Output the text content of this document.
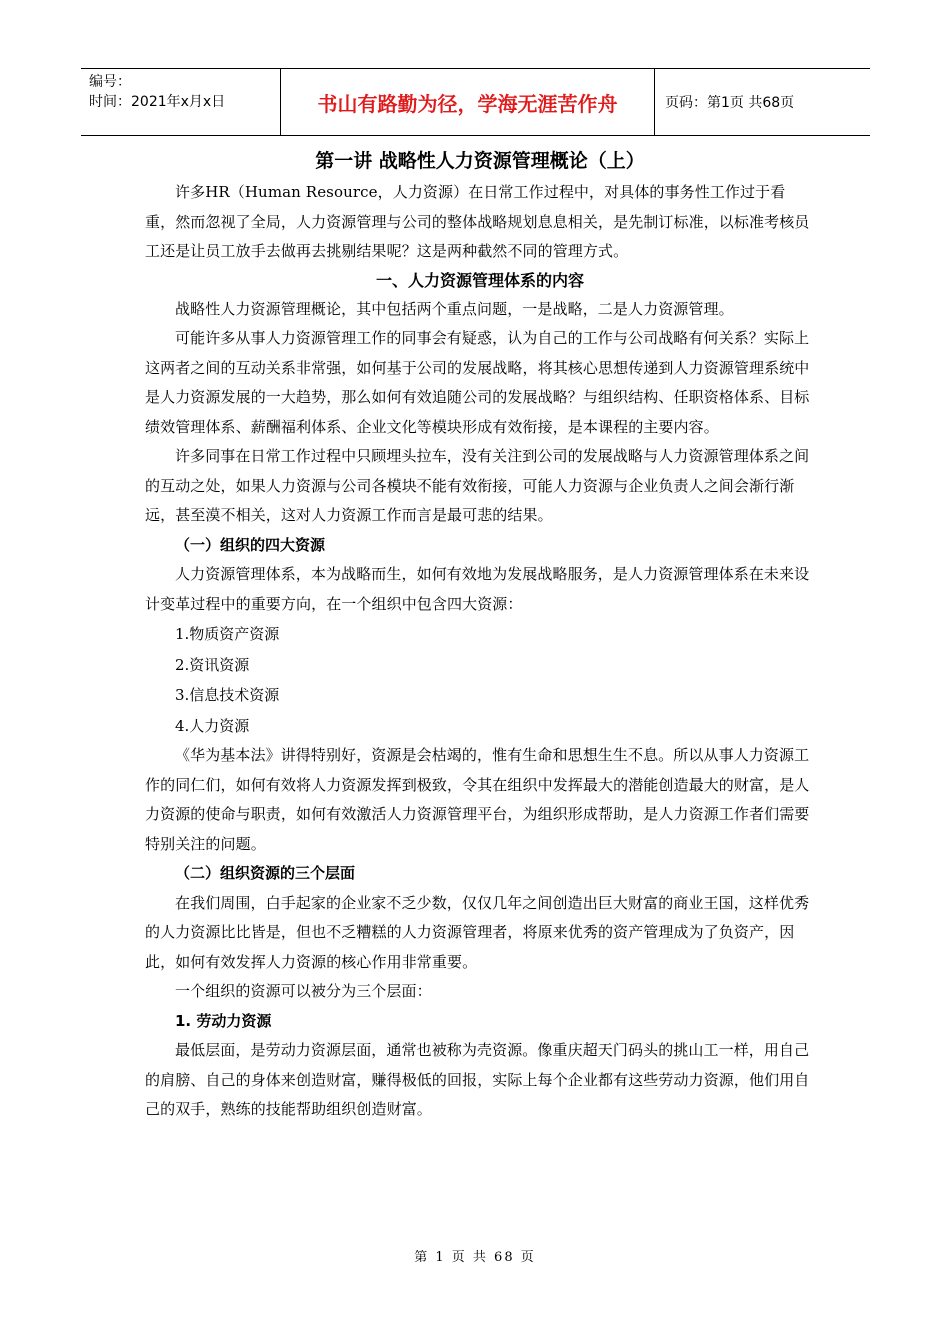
编号：
时间：2021年x月x日	书山有路勤为径，学海无涯苦作舟	页码：第1页 共68页
第一讲 战略性人力资源管理概论（上）

许多HR（Human Resource，人力资源）在日常工作过程中，对具体的事务性工作过于看重，然而忽视了全局，人力资源管理与公司的整体战略规划息息相关，是先制订标准，以标准考核员工还是让员工放手去做再去挑剔结果呢？这是两种截然不同的管理方式。

一、人力资源管理体系的内容

战略性人力资源管理概论，其中包括两个重点问题，一是战略，二是人力资源管理。

可能许多从事人力资源管理工作的同事会有疑惑，认为自己的工作与公司战略有何关系？实际上这两者之间的互动关系非常强，如何基于公司的发展战略，将其核心思想传递到人力资源管理系统中是人力资源发展的一大趋势，那么如何有效追随公司的发展战略？与组织结构、任职资格体系、目标绩效管理体系、薪酬福利体系、企业文化等模块形成有效衔接，是本课程的主要内容。

许多同事在日常工作过程中只顾埋头拉车，没有关注到公司的发展战略与人力资源管理体系之间的互动之处，如果人力资源与公司各模块不能有效衔接，可能人力资源与企业负责人之间会渐行渐远，甚至漠不相关，这对人力资源工作而言是最可悲的结果。

（一）组织的四大资源

人力资源管理体系，本为战略而生，如何有效地为发展战略服务，是人力资源管理体系在未来设计变革过程中的重要方向，在一个组织中包含四大资源：

1.物质资产资源
2.资讯资源
3.信息技术资源
4.人力资源

《华为基本法》讲得特别好，资源是会枯竭的，惟有生命和思想生生不息。所以从事人力资源工作的同仁们，如何有效将人力资源发挥到极致，令其在组织中发挥最大的潜能创造最大的财富，是人力资源的使命与职责，如何有效激活人力资源管理平台，为组织形成帮助，是人力资源工作者们需要特别关注的问题。

（二）组织资源的三个层面

在我们周围，白手起家的企业家不乏少数，仅仅几年之间创造出巨大财富的商业王国，这样优秀的人力资源比比皆是，但也不乏糟糕的人力资源管理者，将原来优秀的资产管理成为了负资产，因此，如何有效发挥人力资源的核心作用非常重要。

一个组织的资源可以被分为三个层面：

1. 劳动力资源

最低层面，是劳动力资源层面，通常也被称为壳资源。像重庆超天门码头的挑山工一样，用自己的肩膀、自己的身体来创造财富，赚得极低的回报，实际上每个企业都有这些劳动力资源，他们用自己的双手，熟练的技能帮助组织创造财富。

第 1 页 共 68 页
